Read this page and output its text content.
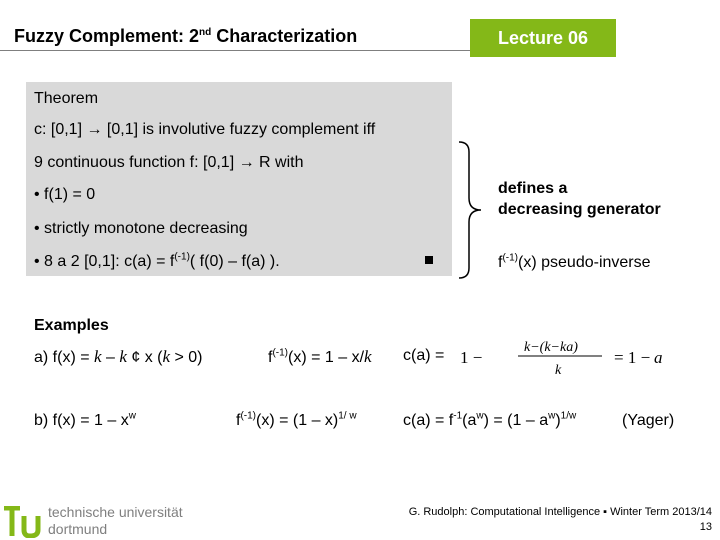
Fuzzy Complement: 2nd Characterization	Lecture 06
Theorem
c: [0,1] → [0,1] is involutive fuzzy complement iff
9 continuous function f: [0,1] → R with
• f(1) = 0
• strictly monotone decreasing
• 8 a 2 [0,1]: $c(a) = f^{(-1)}$( f(0) – f(a) ).
defines a
decreasing generator
$f^{(-1)}(x)$ pseudo-inverse
Examples
a) f(x) = k – k ¢ x (k > 0)	$f^{(-1)}(x) = 1 - x/k$ c(a) = 1 −
k−(k−ka)
k
= 1 − a
b) $f(x) = 1 - x^w$	$f^{(-1)}(x) = (1 - x)^{1/ w}$	$c(a) = f^{-1}(a^w) = (1 - a^w)^{1/w}$	(Yager)
technische universität
dortmund
G. Rudolph: Computational Intelligence ▪ Winter Term 2013/14
13
